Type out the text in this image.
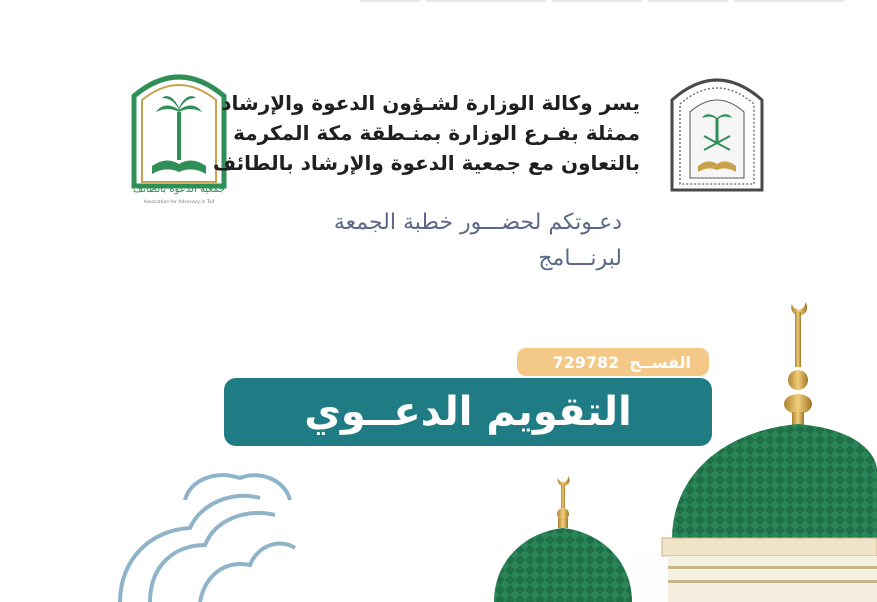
جمعية الدعوة بالطائف
Association for Advocacy in Taif
يسر وكالة الوزارة لشـؤون الدعوة والإرشاد
ممثلة بفـرع الوزارة بمنـطقة مكة المكرمة
بالتعاون مع جمعية الدعوة والإرشاد بالطائف
دعـوتكم لحضـــور خطبة الجمعة
لبرنـــامج
الفســج
729782
التقويم الدعــوي
